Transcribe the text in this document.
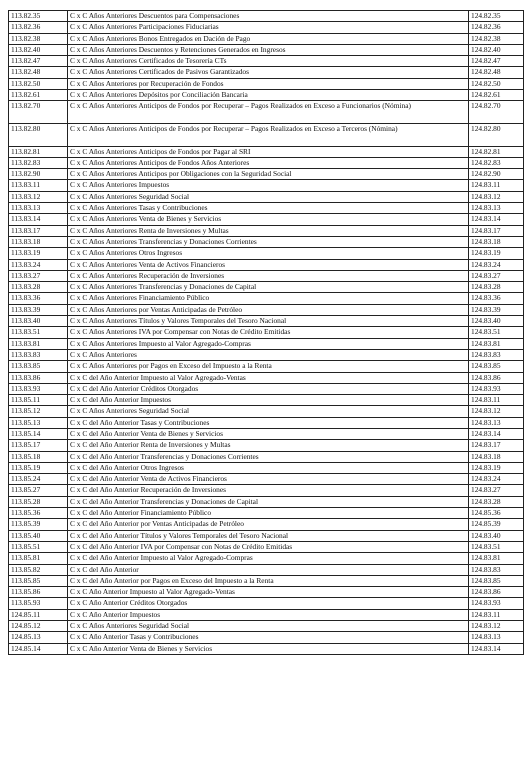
113.82.35	C x C Años Anteriores Descuentos para Compensaciones	124.82.35
113.82.36	C x C Años Anteriores Participaciones Fiduciarias	124.82.36
113.82.38	C x C Años Anteriores Bonos Entregados en Dación de Pago	124.82.38
113.82.40	C x C Años Anteriores Descuentos y Retenciones Generados en Ingresos	124.82.40
113.82.47	C x C Años Anteriores Certificados de Tesorería CTs	124.82.47
113.82.48	C x C Años Anteriores Certificados de Pasivos Garantizados	124.82.48
113.82.50	C x C Años Anteriores por Recuperación de Fondos	124.82.50
113.82.61	C x C Años Anteriores Depósitos por Conciliación Bancaria	124.82.61
113.82.70	C x C Años Anteriores Anticipos de Fondos por Recuperar – Pagos Realizados en Exceso a Funcionarios (Nómina)	124.82.70
113.82.80	C x C Años Anteriores Anticipos de Fondos por Recuperar – Pagos Realizados en Exceso a Terceros (Nómina)	124.82.80
113.82.81	C x C Años Anteriores Anticipos de Fondos por Pagar al SRI	124.82.81
113.82.83	C x C Años Anteriores Anticipos de Fondos Años Anteriores	124.82.83
113.82.90	C x C Años Anteriores Anticipos por Obligaciones con la Seguridad Social	124.82.90
113.83.11	C x C Años Anteriores Impuestos	124.83.11
113.83.12	C x C Años Anteriores Seguridad Social	124.83.12
113.83.13	C x C Años Anteriores Tasas y Contribuciones	124.83.13
113.83.14	C x C Años Anteriores Venta de Bienes y Servicios	124.83.14
113.83.17	C x C Años Anteriores Renta de Inversiones y Multas	124.83.17
113.83.18	C x C Años Anteriores Transferencias y Donaciones Corrientes	124.83.18
113.83.19	C x C Años Anteriores Otros Ingresos	124.83.19
113.83.24	C x C Años Anteriores Venta de Activos Financieros	124.83.24
113.83.27	C x C Años Anteriores Recuperación de Inversiones	124.83.27
113.83.28	C x C Años Anteriores Transferencias y Donaciones de Capital	124.83.28
113.83.36	C x C Años Anteriores Financiamiento Público	124.83.36
113.83.39	C x C Años Anteriores por Ventas Anticipadas de Petróleo	124.83.39
113.83.40	C x C Años Anteriores Títulos y Valores Temporales del Tesoro Nacional	124.83.40
113.83.51	C x C Años Anteriores IVA por Compensar con Notas de Crédito Emitidas	124.83.51
113.83.81	C x C Años Anteriores Impuesto al Valor Agregado-Compras	124.83.81
113.83.83	C x C Años Anteriores	124.83.83
113.83.85	C x C Años Anteriores por Pagos en Exceso del Impuesto a la Renta	124.83.85
113.83.86	C x C del Año Anterior Impuesto al Valor Agregado-Ventas	124.83.86
113.83.93	C x C del Año Anterior Créditos Otorgados	124.83.93
113.85.11	C x C del Año Anterior Impuestos	124.83.11
113.85.12	C x C Años Anteriores Seguridad Social	124.83.12
113.85.13	C x C del Año Anterior Tasas y Contribuciones	124.83.13
113.85.14	C x C del Año Anterior Venta de Bienes y Servicios	124.83.14
113.85.17	C x C del Año Anterior Renta de Inversiones y Multas	124.83.17
113.85.18	C x C del Año Anterior Transferencias y Donaciones Corrientes	124.83.18
113.85.19	C x C del Año Anterior Otros Ingresos	124.83.19
113.85.24	C x C del Año Anterior Venta de Activos Financieros	124.83.24
113.85.27	C x C del Año Anterior Recuperación de Inversiones	124.83.27
113.85.28	C x C del Año Anterior Transferencias y Donaciones de Capital	124.83.28
113.85.36	C x C del Año Anterior Financiamiento Público	124.85.36
113.85.39	C x C del Año Anterior por Ventas Anticipadas de Petróleo	124.85.39
113.85.40	C x C del Año Anterior Títulos y Valores Temporales del Tesoro Nacional	124.83.40
113.85.51	C x C del Año Anterior IVA por Compensar con Notas de Crédito Emitidas	124.83.51
113.85.81	C x C del Año Anterior Impuesto al Valor Agregado-Compras	124.83.81
113.85.82	C x C del Año Anterior	124.83.83
113.85.85	C x C del Año Anterior por Pagos en Exceso del Impuesto a la Renta	124.83.85
113.85.86	C x C Año Anterior Impuesto al Valor Agregado-Ventas	124.83.86
113.85.93	C x C Año Anterior Créditos Otorgados	124.83.93
124.85.11	C x C Año Anterior Impuestos	124.83.11
124.85.12	C x C Años Anteriores Seguridad Social	124.83.12
124.85.13	C x C Año Anterior Tasas y Contribuciones	124.83.13
124.85.14	C x C Año Anterior Venta de Bienes y Servicios	124.83.14
